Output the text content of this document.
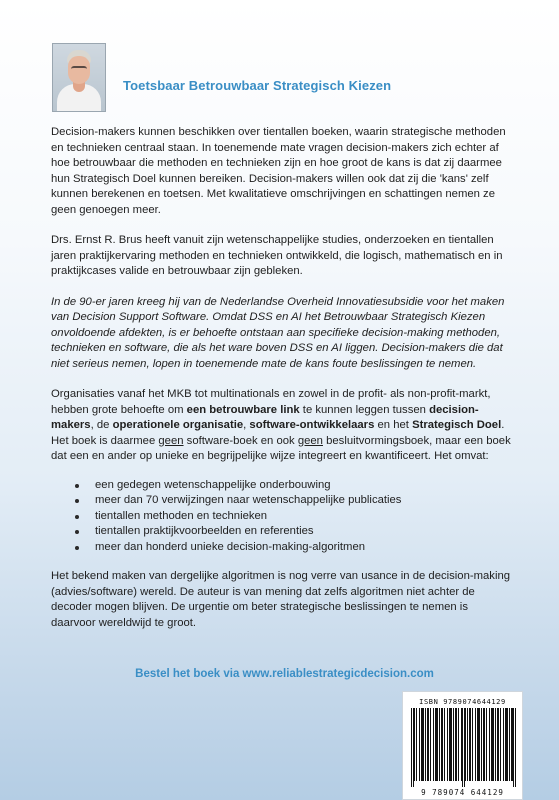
Toetsbaar Betrouwbaar Strategisch Kiezen

Decision-makers kunnen beschikken over tientallen boeken, waarin strategische methoden en technieken centraal staan. In toenemende mate vragen decision-makers zich echter af hoe betrouwbaar die methoden en technieken zijn en hoe groot de kans is dat zij daarmee hun Strategisch Doel kunnen bereiken. Decision-makers willen ook dat zij die 'kans' zelf kunnen berekenen en toetsen. Met kwalitatieve omschrijvingen en schattingen nemen ze geen genoegen meer.

Drs. Ernst R. Brus heeft vanuit zijn wetenschappelijke studies, onderzoeken en tientallen jaren praktijkervaring methoden en technieken ontwikkeld, die logisch, mathematisch en in praktijkcases valide en betrouwbaar zijn gebleken.

In de 90-er jaren kreeg hij van de Nederlandse Overheid Innovatiesubsidie voor het maken van Decision Support Software. Omdat DSS en AI het Betrouwbaar Strategisch Kiezen onvoldoende afdekten, is er behoefte ontstaan aan specifieke decision-making methoden, technieken en software, die als het ware boven DSS en AI liggen. Decision-makers die dat niet serieus nemen, lopen in toenemende mate de kans foute beslissingen te nemen.

Organisaties vanaf het MKB tot multinationals en zowel in de profit- als non-profit-markt, hebben grote behoefte om een betrouwbare link te kunnen leggen tussen decision-makers, de operationele organisatie, software-ontwikkelaars en het Strategisch Doel. Het boek is daarmee geen software-boek en ook geen besluitvormingsboek, maar een boek dat een en ander op unieke en begrijpelijke wijze integreert en kwantificeert. Het omvat:

een gedegen wetenschappelijke onderbouwing
meer dan 70 verwijzingen naar wetenschappelijke publicaties
tientallen methoden en technieken
tientallen praktijkvoorbeelden en referenties
meer dan honderd unieke decision-making-algoritmen

Het bekend maken van dergelijke algoritmen is nog verre van usance in de decision-making (advies/software) wereld. De auteur is van mening dat zelfs algoritmen niet achter de decoder mogen blijven. De urgentie om beter strategische beslissingen te nemen is daarvoor wereldwijd te groot.

Bestel het boek via www.reliablestrategicdecision.com

ISBN 9789074644129
9 789074 644129
